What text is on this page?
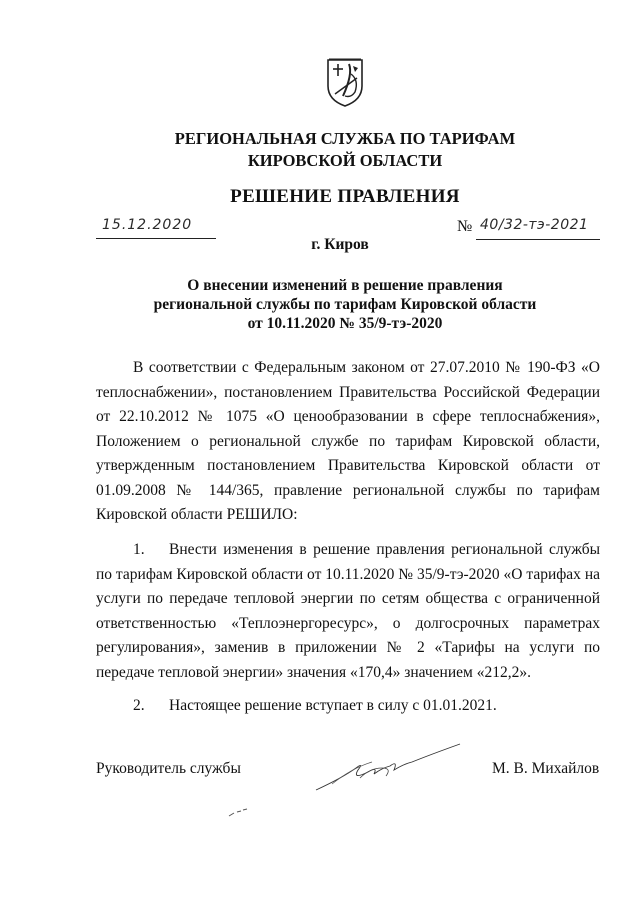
РЕГИОНАЛЬНАЯ СЛУЖБА ПО ТАРИФАМ
КИРОВСКОЙ ОБЛАСТИ
РЕШЕНИЕ ПРАВЛЕНИЯ
15.12.2020	№ 40/32-тэ-2021
г. Киров
О внесении изменений в решение правления
региональной службы по тарифам Кировской области
от 10.11.2020 № 35/9-тэ-2020
В соответствии с Федеральным законом от 27.07.2010 № 190-ФЗ «О теплоснабжении», постановлением Правительства Российской Федерации от 22.10.2012 № 1075 «О ценообразовании в сфере теплоснабжения», Положением о региональной службе по тарифам Кировской области, утвержденным постановлением Правительства Кировской области от 01.09.2008 № 144/365, правление региональной службы по тарифам Кировской области РЕШИЛО:
1. Внести изменения в решение правления региональной службы по тарифам Кировской области от 10.11.2020 № 35/9-тэ-2020 «О тарифах на услуги по передаче тепловой энергии по сетям общества с ограниченной ответственностью «Теплоэнергоресурс», о долгосрочных параметрах регулирования», заменив в приложении № 2 «Тарифы на услуги по передаче тепловой энергии» значения «170,4» значением «212,2».
2. Настоящее решение вступает в силу с 01.01.2021.
Руководитель службы	М. В. Михайлов
